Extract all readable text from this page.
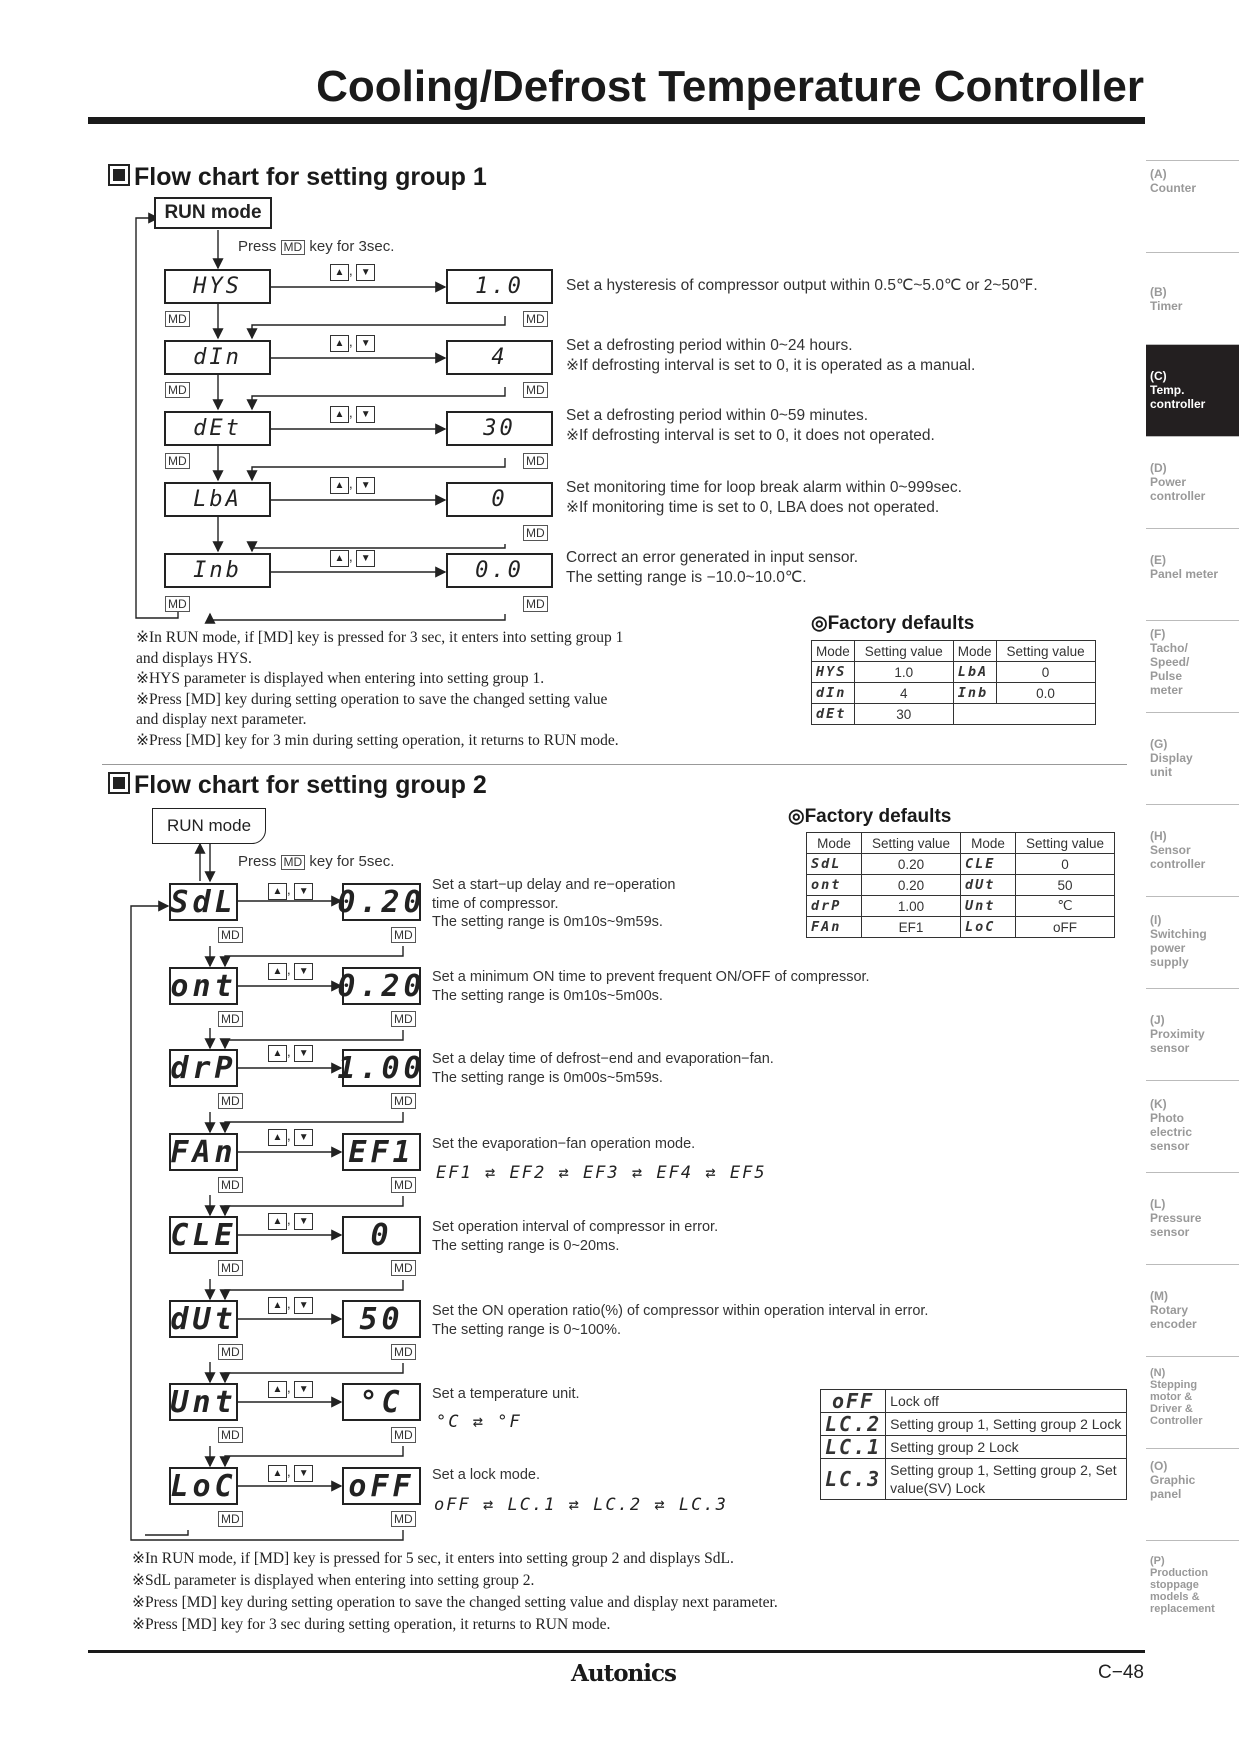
Cooling/Defrost Temperature Controller
Flow chart for setting group 1
RUN mode
Press MD key for 3sec.
HYS	1.0
MD	MD
▲ , ▼
Set a hysteresis of compressor output within 0.5℃~5.0℃ or 2~50℉.
dIn	4
MD	MD
▲ , ▼	Set a defrosting period within 0~24 hours.
※If defrosting interval is set to 0, it is operated as a manual.
dEt	30
MD	MD
▲ , ▼	Set a defrosting period within 0~59 minutes.
※If defrosting interval is set to 0, it does not operated.
LbA	0
MD
▲ , ▼	Set monitoring time for loop break alarm within 0~999sec.
※If monitoring time is set to 0, LBA does not operated.
Inb	0.0
MD	MD
▲ , ▼	Correct an error generated in input sensor.
The setting range is −10.0~10.0℃.
※In RUN mode, if [MD] key is pressed for 3 sec, it enters into setting group 1
and displays HYS.
※HYS parameter is displayed when entering into setting group 1.
※Press [MD] key during setting operation to save the changed setting value
and display next parameter.
※Press [MD] key for 3 min during setting operation, it returns to RUN mode.
◎Factory defaults
Mode	Setting value	Mode	Setting value
HYS	1.0	LbA	0
dIn	4	Inb	0.0
dEt	30		
Flow chart for setting group 2
RUN mode
Press MD key for 5sec.
SdL	0.20
MD	MD
▲ , ▼	Set a start−up delay and re−operation
time of compressor.
The setting range is 0m10s~9m59s.
ont	0.20
MD	MD
▲ , ▼	Set a minimum ON time to prevent frequent ON/OFF of compressor.
The setting range is 0m10s~5m00s.
drP	1.00
MD	MD
▲ , ▼	Set a delay time of defrost−end and evaporation−fan.
The setting range is 0m00s~5m59s.
FAn	EF1
MD	MD
▲ , ▼	Set the evaporation−fan operation mode.
EF1 ⇄ EF2 ⇄ EF3 ⇄ EF4 ⇄ EF5
CLE	0
MD	MD
▲ , ▼	Set operation interval of compressor in error.
The setting range is 0~20ms.
dUt	50
MD	MD
▲ , ▼	Set the ON operation ratio(%) of compressor within operation interval in error.
The setting range is 0~100%.
Unt	°C
MD	MD
▲ , ▼	Set a temperature unit.
°C ⇄ °F
LoC	oFF
MD	MD
▲ , ▼	Set a lock mode.
oFF ⇄ LC.1 ⇄ LC.2 ⇄ LC.3
◎Factory defaults
Mode	Setting value	Mode	Setting value
SdL	0.20	CLE	0
ont	0.20	dUt	50
drP	1.00	Unt	℃
FAn	EF1	LoC	oFF
oFF	Lock off
LC.2	Setting group 1, Setting group 2 Lock
LC.1	Setting group 2 Lock
LC.3	Setting group 1, Setting group 2, Set value(SV) Lock
※In RUN mode, if [MD] key is pressed for 5 sec, it enters into setting group 2 and displays SdL.
※SdL parameter is displayed when entering into setting group 2.
※Press [MD] key during setting operation to save the changed setting value and display next parameter.
※Press [MD] key for 3 sec during setting operation, it returns to RUN mode.
(A)
Counter
(B)
Timer
(C)
Temp. controller
(D)
Power controller
(E)
Panel meter
(F)
Tacho/ Speed/ Pulse meter
(G)
Display unit
(H)
Sensor controller
(I)
Switching power supply
(J)
Proximity sensor
(K)
Photo electric sensor
(L)
Pressure sensor
(M)
Rotary encoder
(N)
Stepping motor & Driver & Controller
(O)
Graphic panel
(P)
Production stoppage models & replacement
Autonics	C−48
